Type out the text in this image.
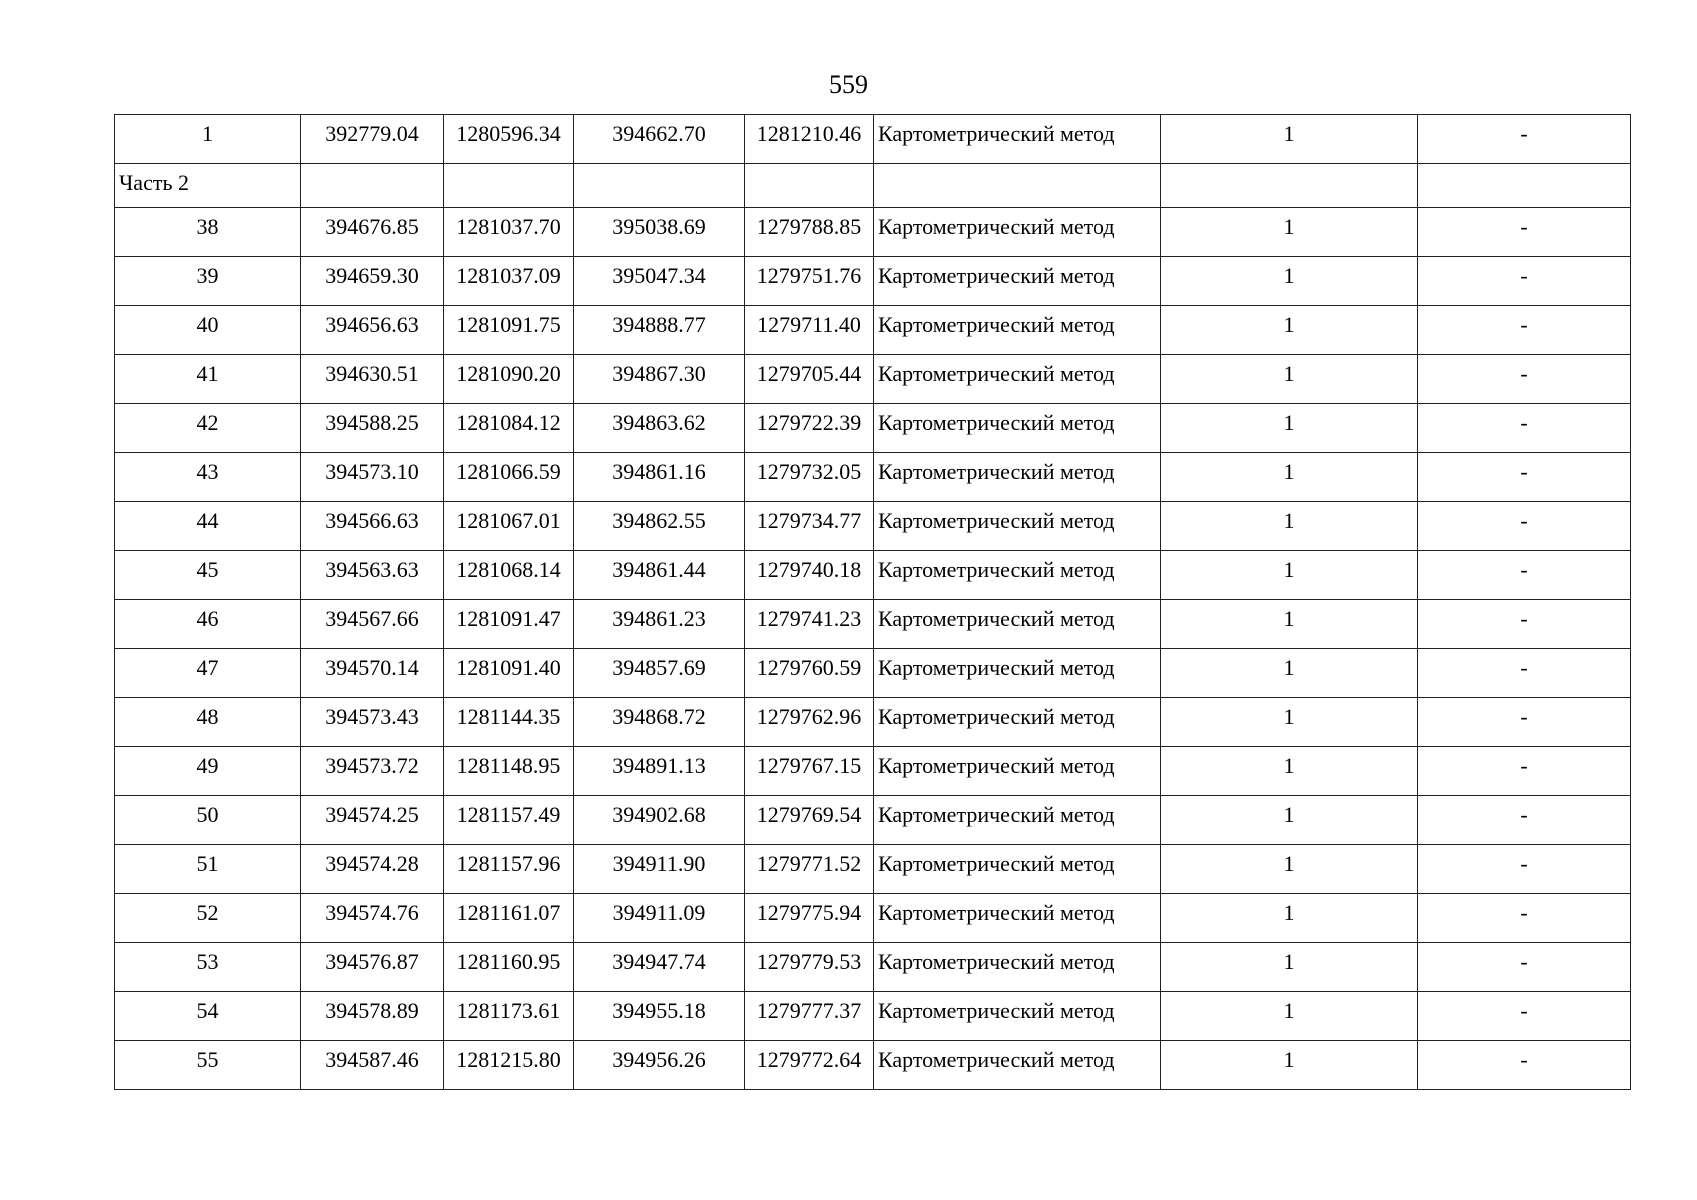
559
1	392779.04	1280596.34	394662.70	1281210.46	Картометрический метод	1	-
Часть 2							
38	394676.85	1281037.70	395038.69	1279788.85	Картометрический метод	1	-
39	394659.30	1281037.09	395047.34	1279751.76	Картометрический метод	1	-
40	394656.63	1281091.75	394888.77	1279711.40	Картометрический метод	1	-
41	394630.51	1281090.20	394867.30	1279705.44	Картометрический метод	1	-
42	394588.25	1281084.12	394863.62	1279722.39	Картометрический метод	1	-
43	394573.10	1281066.59	394861.16	1279732.05	Картометрический метод	1	-
44	394566.63	1281067.01	394862.55	1279734.77	Картометрический метод	1	-
45	394563.63	1281068.14	394861.44	1279740.18	Картометрический метод	1	-
46	394567.66	1281091.47	394861.23	1279741.23	Картометрический метод	1	-
47	394570.14	1281091.40	394857.69	1279760.59	Картометрический метод	1	-
48	394573.43	1281144.35	394868.72	1279762.96	Картометрический метод	1	-
49	394573.72	1281148.95	394891.13	1279767.15	Картометрический метод	1	-
50	394574.25	1281157.49	394902.68	1279769.54	Картометрический метод	1	-
51	394574.28	1281157.96	394911.90	1279771.52	Картометрический метод	1	-
52	394574.76	1281161.07	394911.09	1279775.94	Картометрический метод	1	-
53	394576.87	1281160.95	394947.74	1279779.53	Картометрический метод	1	-
54	394578.89	1281173.61	394955.18	1279777.37	Картометрический метод	1	-
55	394587.46	1281215.80	394956.26	1279772.64	Картометрический метод	1	-
